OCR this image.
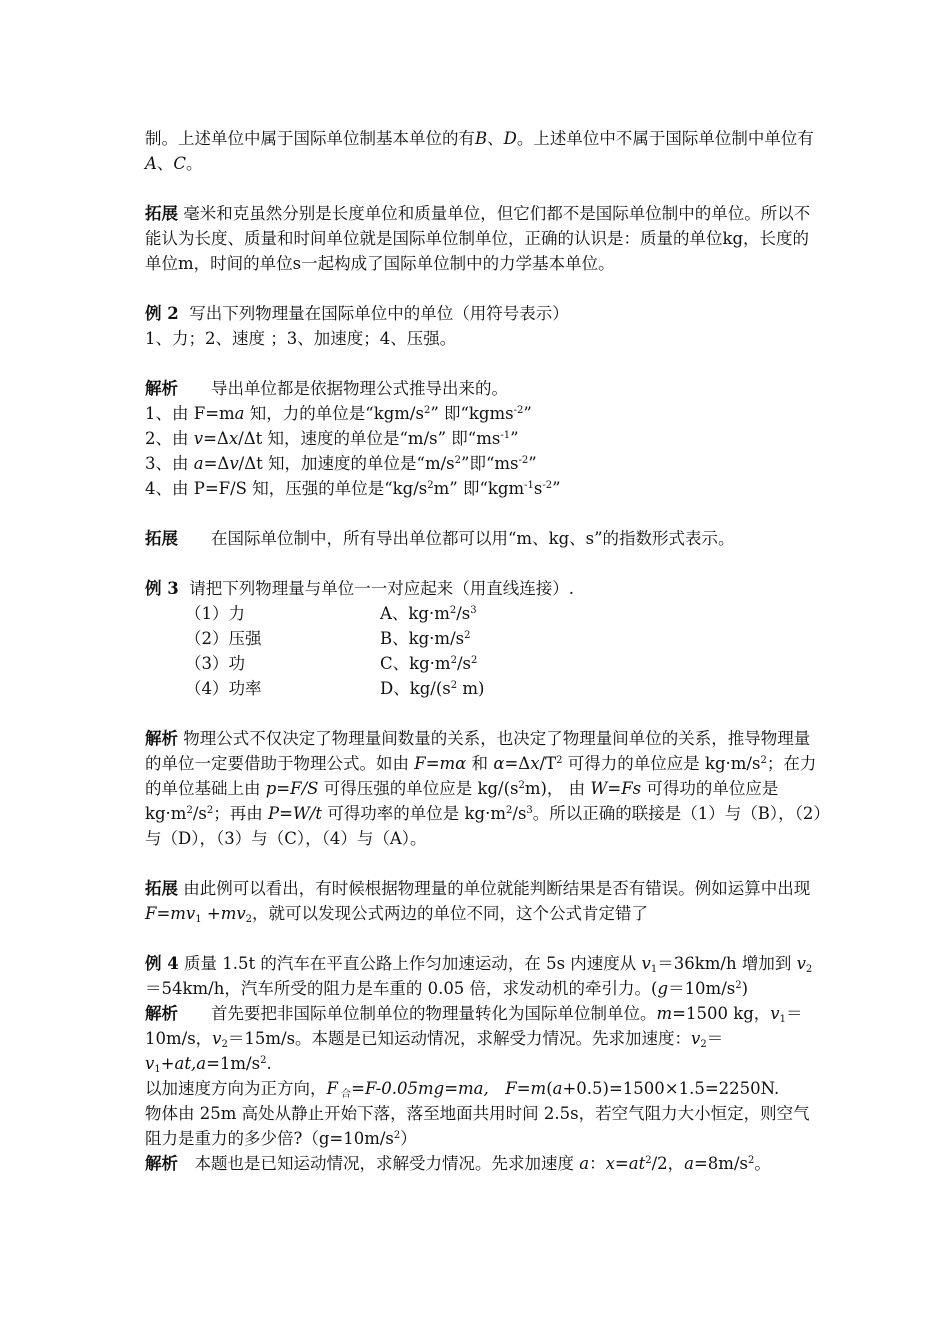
制。上述单位中属于国际单位制基本单位的有B、D。上述单位中不属于国际单位制中单位有A、C。

拓展 毫米和克虽然分别是长度单位和质量单位，但它们都不是国际单位制中的单位。所以不能认为长度、质量和时间单位就是国际单位制单位，正确的认识是：质量的单位kg，长度的单位m，时间的单位s一起构成了国际单位制中的力学基本单位。

例 2 写出下列物理量在国际单位中的单位（用符号表示）

1、力；2、速度 ；3、加速度；4、压强。

解析 导出单位都是依据物理公式推导出来的。

1、由 F=ma 知，力的单位是“$kgm/s^2$” 即“kgms$^{-2}$”

2、由 v=Δx/Δt 知，速度的单位是“m/s” 即“$ms^{-1}$”

3、由 a=Δv/Δt 知，加速度的单位是“$m/s^2$”即“$ms^{-2}$”

4、由 P=F/S 知，压强的单位是“$kg/s^2m$” 即“$kgm^{-1}s^{-2}$”

拓展 在国际单位制中，所有导出单位都可以用“m、kg、s”的指数形式表示。

例 3 请把下列物理量与单位一一对应起来（用直线连接）.

（1）力	A、$kg\cdot m^2/s^3$
（2）压强	B、$kg\cdot m/s^2$
（3）功	C、$kg\cdot m^2/s^2$
（4）功率	D、$kg/(s^2$ m)

解析 物理公式不仅决定了物理量间数量的关系，也决定了物理量间单位的关系，推导物理量的单位一定要借助于物理公式。如由 F=mα 和 $\alpha=\Delta x/T^2$ 可得力的单位应是 $kg\cdot m/s^2$；在力的单位基础上由 p=F/S 可得压强的单位应是 $kg/(s^2m)$， 由 W=Fs 可得功的单位应是 $kg\cdot m^2/s^2$；再由 P=W/t 可得功率的单位是 $kg\cdot m^2/s^3$。所以正确的联接是（1）与（B），（2）与（D），（3）与（C），（4）与（A）。

拓展 由此例可以看出，有时候根据物理量的单位就能判断结果是否有错误。例如运算中出现 $F=mv_1 +mv_2$，就可以发现公式两边的单位不同，这个公式肯定错了

例 4 质量 1.5t 的汽车在平直公路上作匀加速运动，在 5s 内速度从 $v_1=36km/h$ 增加到 $v_2=54km/h$，汽车所受的阻力是车重的 0.05 倍，求发动机的牵引力。$(g=10m/s^2)$

解析 首先要把非国际单位制单位的物理量转化为国际单位制单位。m=1500 kg，$v_1=10m/s$，$v_2=15m/s$。本题是已知运动情况，求解受力情况。先求加速度：$v_2=v_1+at,a=1m/s^2$.

以加速度方向为正方向，F $_合$=F-0.05mg=ma, F=m(a+0.5)=1500×1.5=2250N.

物体由 25m 高处从静止开始下落，落至地面共用时间 2.5s，若空气阻力大小恒定，则空气阻力是重力的多少倍$?(g=10m/s^2)$

解析 本题也是已知运动情况，求解受力情况。先求加速度 a：$x=at^2/2$，$a=8m/s^2$。
